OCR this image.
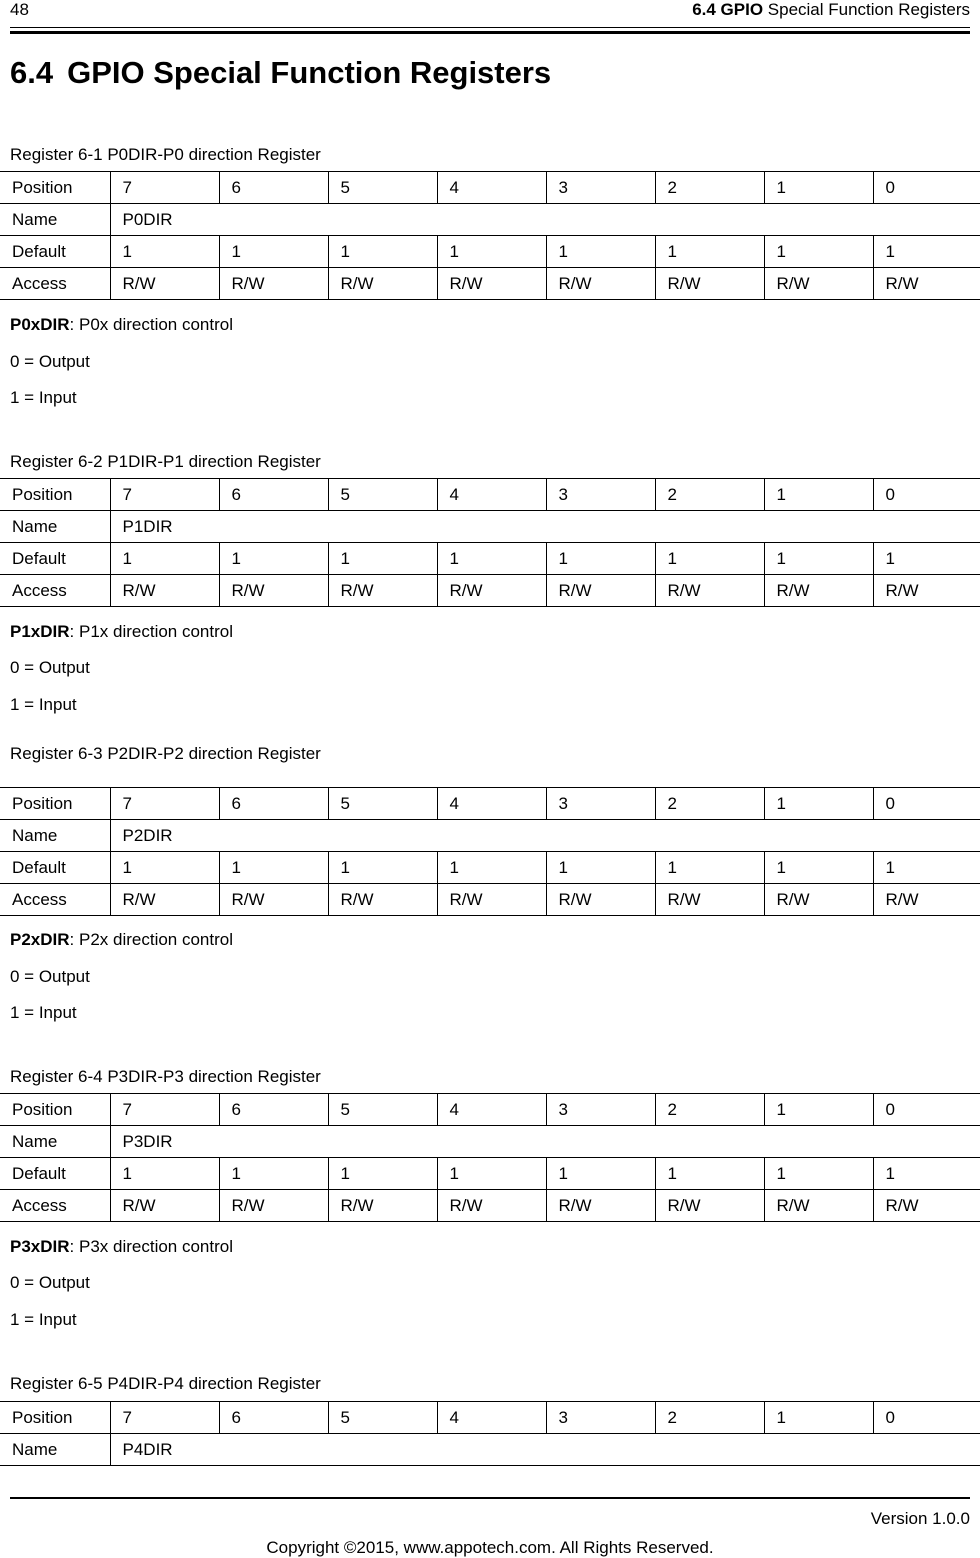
48	6.4 GPIO Special Function Registers
6.4 GPIO Special Function Registers
Register 6-1 P0DIR-P0 direction Register
Position	7	6	5	4	3	2	1	0
Name	P0DIR							
Default	1	1	1	1	1	1	1	1
Access	R/W	R/W	R/W	R/W	R/W	R/W	R/W	R/W
P0xDIR: P0x direction control
0 = Output
1 = Input
Register 6-2 P1DIR-P1 direction Register
Position	7	6	5	4	3	2	1	0
Name	P1DIR							
Default	1	1	1	1	1	1	1	1
Access	R/W	R/W	R/W	R/W	R/W	R/W	R/W	R/W
P1xDIR: P1x direction control
0 = Output
1 = Input
Register 6-3 P2DIR-P2 direction Register
Position	7	6	5	4	3	2	1	0
Name	P2DIR							
Default	1	1	1	1	1	1	1	1
Access	R/W	R/W	R/W	R/W	R/W	R/W	R/W	R/W
P2xDIR: P2x direction control
0 = Output
1 = Input
Register 6-4 P3DIR-P3 direction Register
Position	7	6	5	4	3	2	1	0
Name	P3DIR							
Default	1	1	1	1	1	1	1	1
Access	R/W	R/W	R/W	R/W	R/W	R/W	R/W	R/W
P3xDIR: P3x direction control
0 = Output
1 = Input
Register 6-5 P4DIR-P4 direction Register
Position	7	6	5	4	3	2	1	0
Name	P4DIR							
Version 1.0.0
Copyright ©2015, www.appotech.com. All Rights Reserved.
